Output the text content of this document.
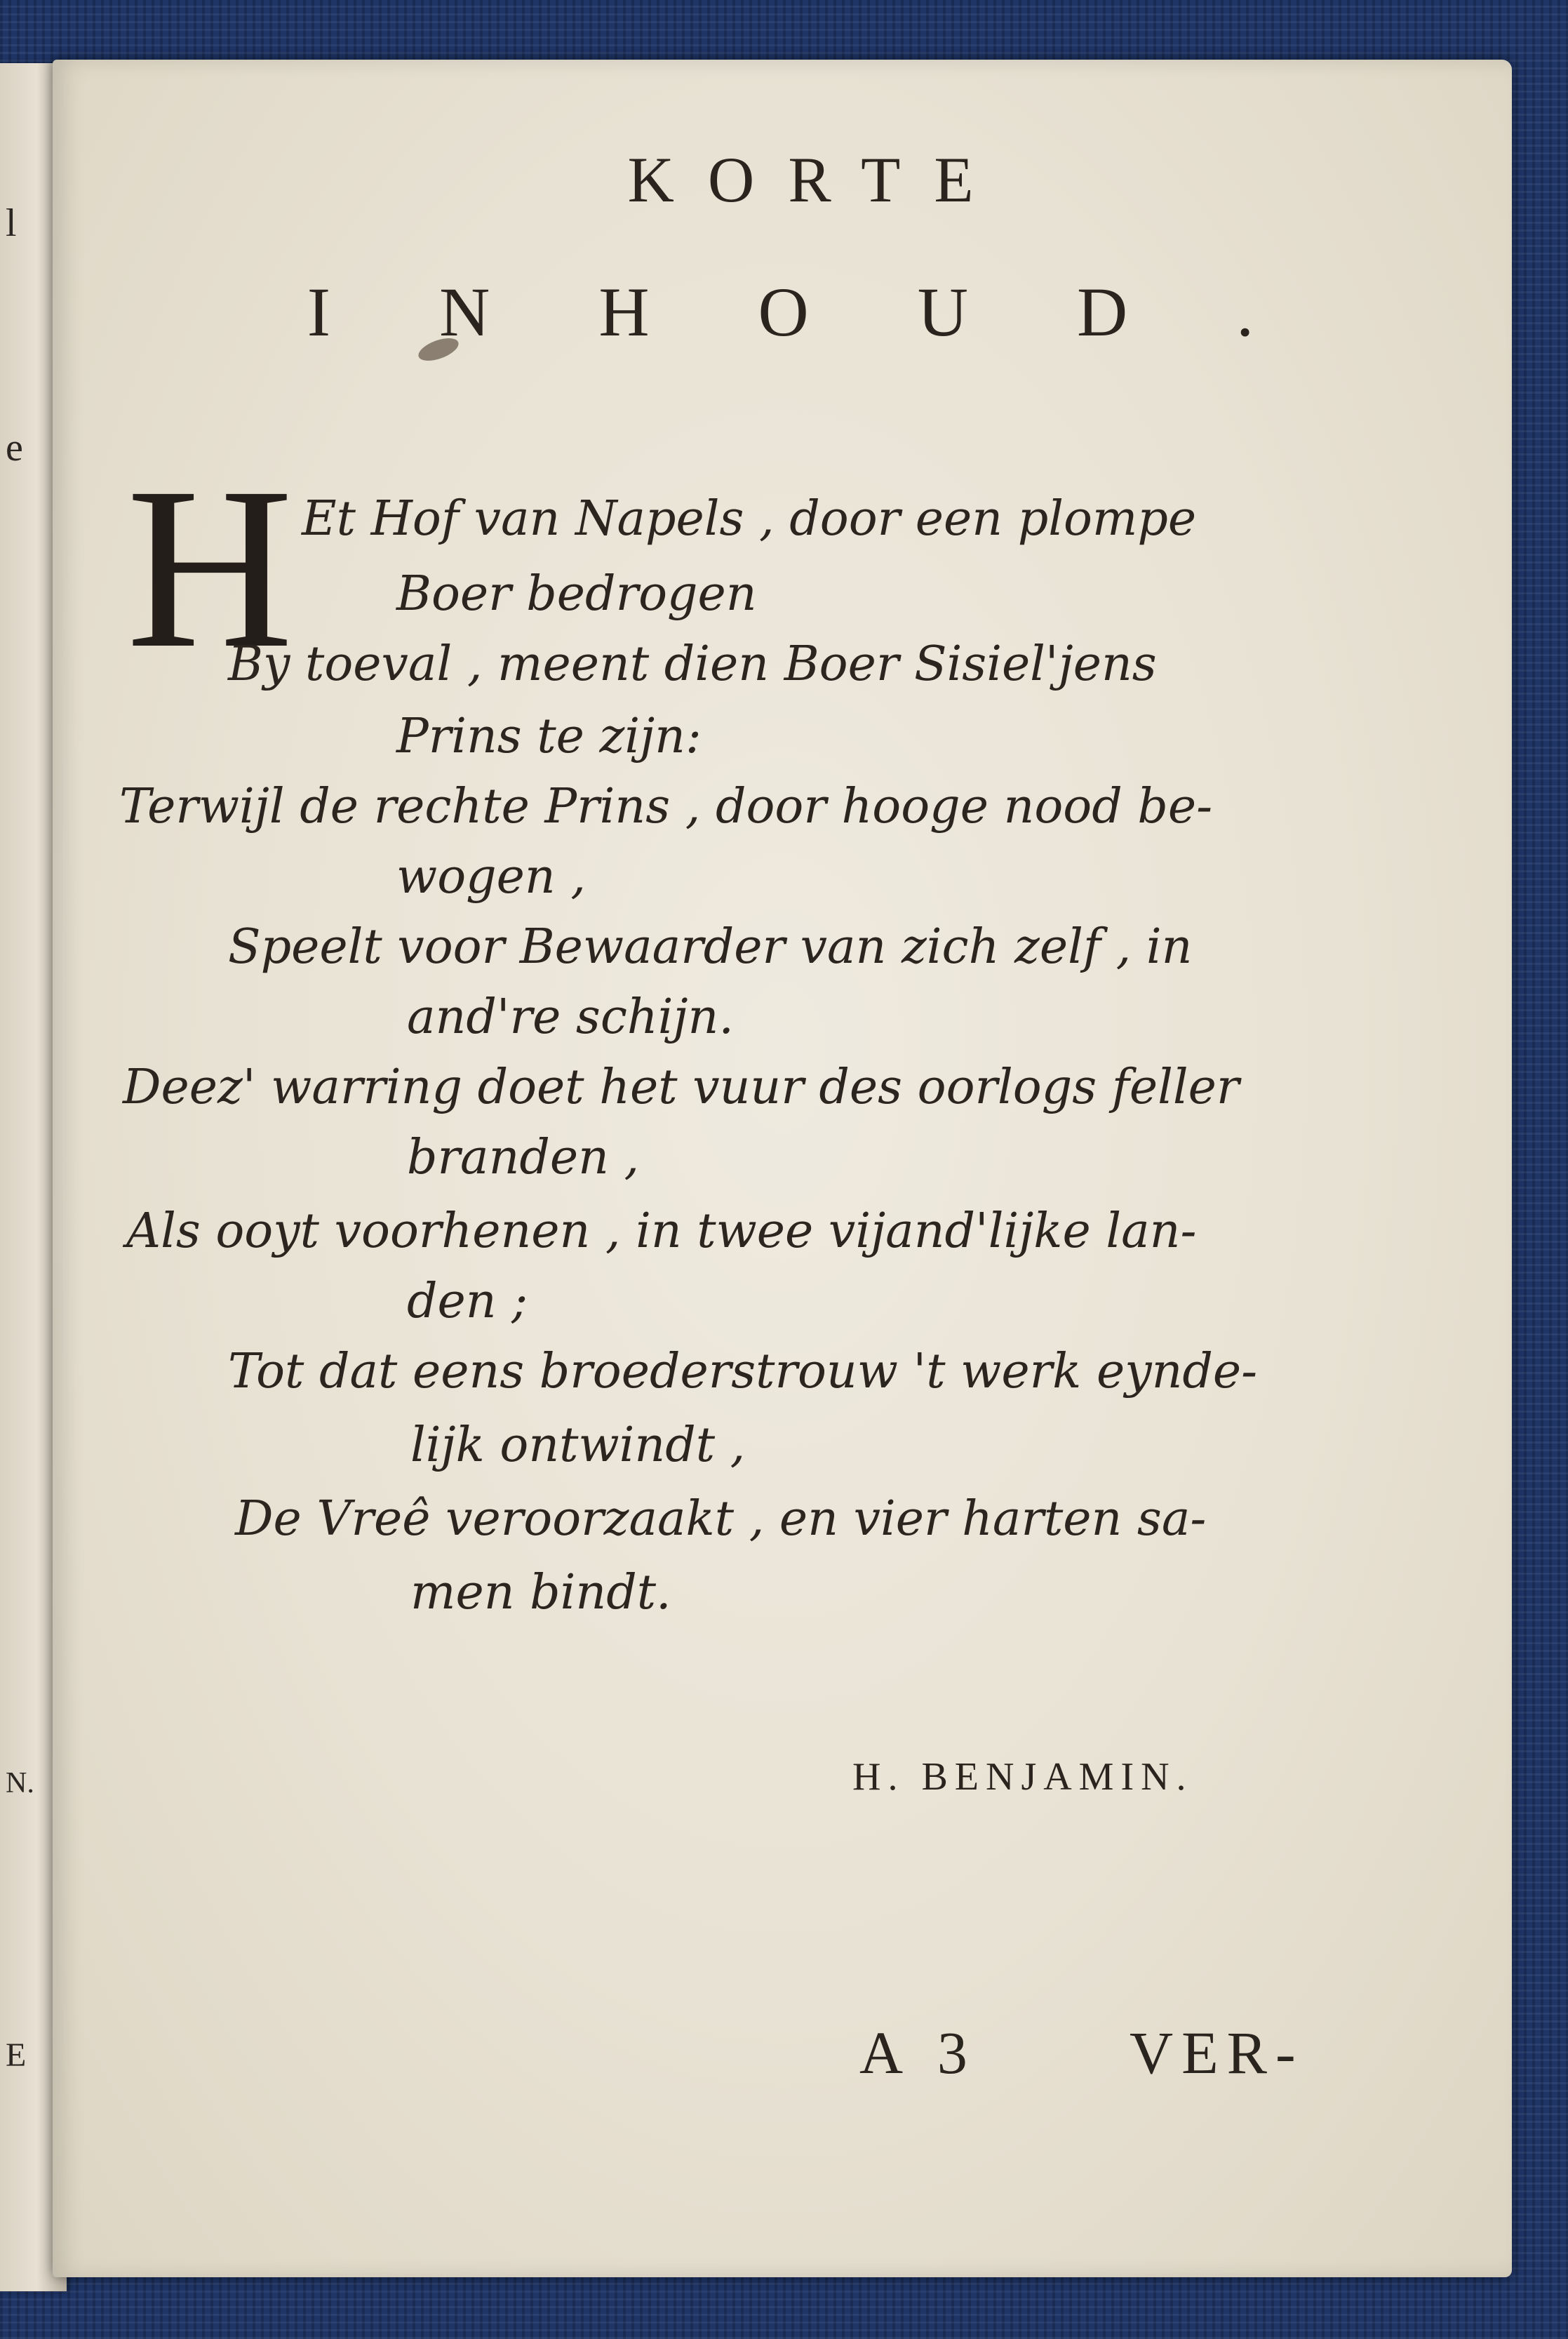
l
e
N.
E
KORTE
INHOUD.
H Et Hof van Napels , door een plompe
Boer bedrogen
By toeval , meent dien Boer Sisiel'jens
Prins te zijn:
Terwijl de rechte Prins , door hooge nood be-
wogen ,
Speelt voor Bewaarder van zich zelf , in
and're schijn.
Deez' warring doet het vuur des oorlogs feller
branden ,
Als ooyt voorhenen , in twee vijand'lijke lan-
den ;
Tot dat eens broederstrouw 't werk eynde-
lijk ontwindt ,
De Vreê veroorzaakt , en vier harten sa-
men bindt.
H. BENJAMIN.
A 3	VER-
